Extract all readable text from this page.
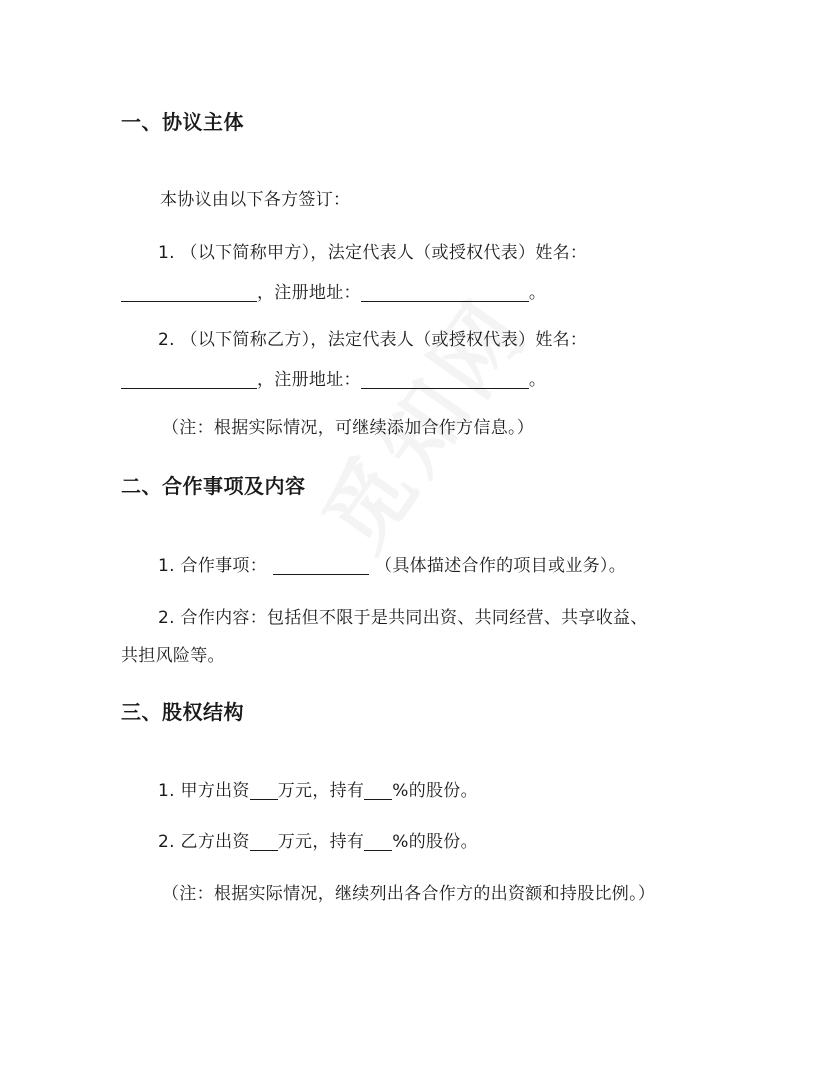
一、协议主体
本协议由以下各方签订：
1. （以下简称甲方），法定代表人（或授权代表）姓名：
，注册地址：	。
2. （以下简称乙方），法定代表人（或授权代表）姓名：
，注册地址：	。
（注：根据实际情况，可继续添加合作方信息。）
二、合作事项及内容
1. 合作事项：	（具体描述合作的项目或业务）。
2. 合作内容：包括但不限于是共同出资、共同经营、共享收益、
共担风险等。
三、股权结构
1. 甲方出资 万元，持有 %的股份。
2. 乙方出资 万元，持有 %的股份。
（注：根据实际情况，继续列出各合作方的出资额和持股比例。）
